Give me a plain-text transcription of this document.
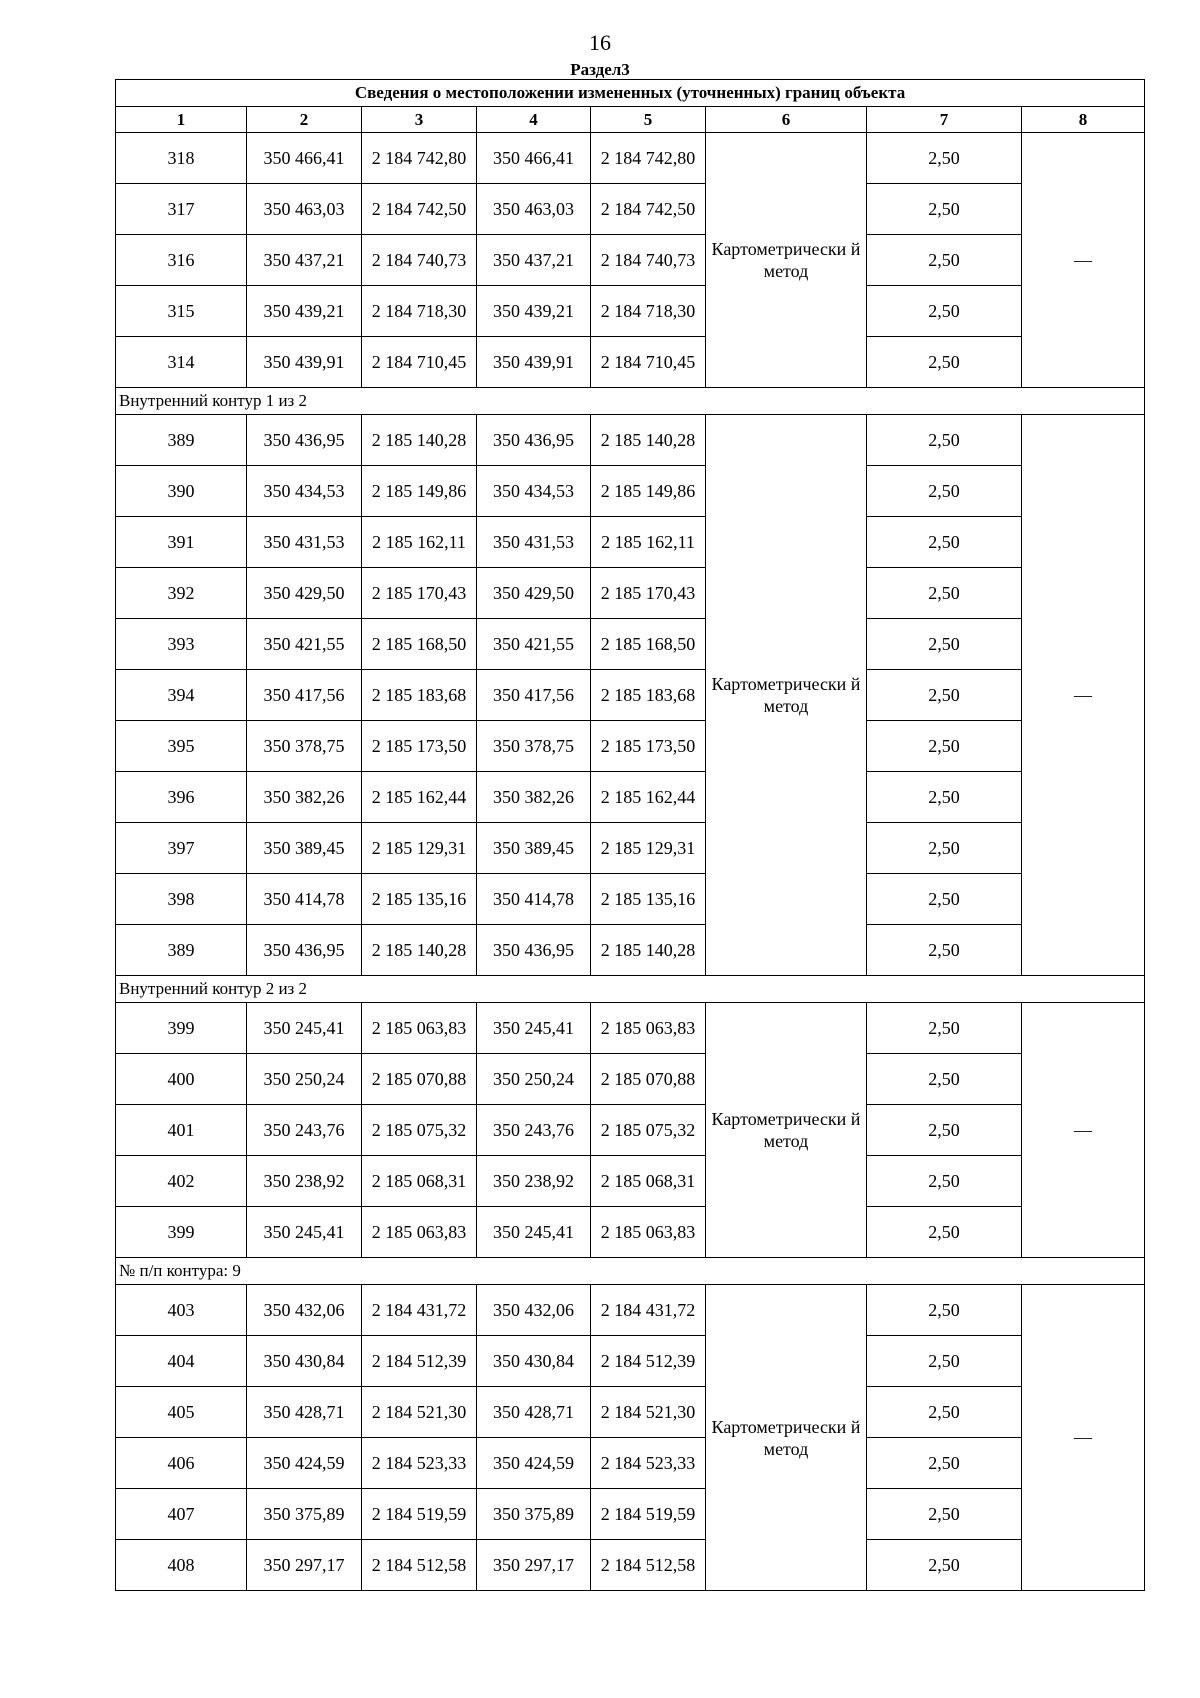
16
Раздел3
Сведения о местоположении измененных (уточненных) границ объекта							
1	2	3	4	5	6	7	8
318	350 466,41	2 184 742,80	350 466,41	2 184 742,80	Картометрически й метод	2,50	—
317	350 463,03	2 184 742,50	350 463,03	2 184 742,50		2,50	
316	350 437,21	2 184 740,73	350 437,21	2 184 740,73		2,50	
315	350 439,21	2 184 718,30	350 439,21	2 184 718,30		2,50	
314	350 439,91	2 184 710,45	350 439,91	2 184 710,45		2,50	
Внутренний контур 1 из 2							
389	350 436,95	2 185 140,28	350 436,95	2 185 140,28	Картометрически й метод	2,50	—
390	350 434,53	2 185 149,86	350 434,53	2 185 149,86		2,50	
391	350 431,53	2 185 162,11	350 431,53	2 185 162,11		2,50	
392	350 429,50	2 185 170,43	350 429,50	2 185 170,43		2,50	
393	350 421,55	2 185 168,50	350 421,55	2 185 168,50		2,50	
394	350 417,56	2 185 183,68	350 417,56	2 185 183,68		2,50	
395	350 378,75	2 185 173,50	350 378,75	2 185 173,50		2,50	
396	350 382,26	2 185 162,44	350 382,26	2 185 162,44		2,50	
397	350 389,45	2 185 129,31	350 389,45	2 185 129,31		2,50	
398	350 414,78	2 185 135,16	350 414,78	2 185 135,16		2,50	
389	350 436,95	2 185 140,28	350 436,95	2 185 140,28		2,50	
Внутренний контур 2 из 2							
399	350 245,41	2 185 063,83	350 245,41	2 185 063,83	Картометрически й метод	2,50	—
400	350 250,24	2 185 070,88	350 250,24	2 185 070,88		2,50	
401	350 243,76	2 185 075,32	350 243,76	2 185 075,32		2,50	
402	350 238,92	2 185 068,31	350 238,92	2 185 068,31		2,50	
399	350 245,41	2 185 063,83	350 245,41	2 185 063,83		2,50	
№ п/п контура: 9							
403	350 432,06	2 184 431,72	350 432,06	2 184 431,72	Картометрически й метод	2,50	—
404	350 430,84	2 184 512,39	350 430,84	2 184 512,39		2,50	
405	350 428,71	2 184 521,30	350 428,71	2 184 521,30		2,50	
406	350 424,59	2 184 523,33	350 424,59	2 184 523,33		2,50	
407	350 375,89	2 184 519,59	350 375,89	2 184 519,59		2,50	
408	350 297,17	2 184 512,58	350 297,17	2 184 512,58		2,50	
